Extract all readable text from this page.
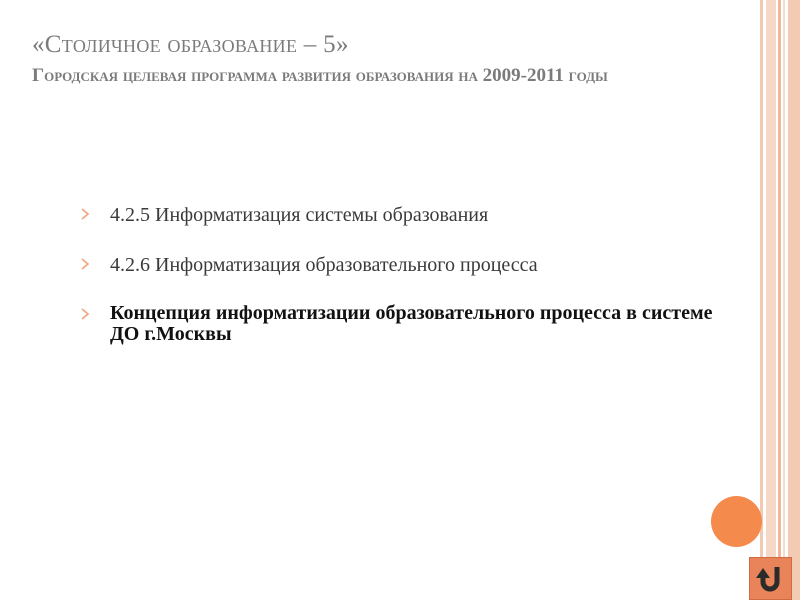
«Столичное образование – 5»
Городская целевая программа развития образования на 2009-2011 годы
4.2.5 Информатизация системы образования
4.2.6 Информатизация образовательного процесса
Концепция информатизации образовательного процесса в системе ДО г.Москвы
